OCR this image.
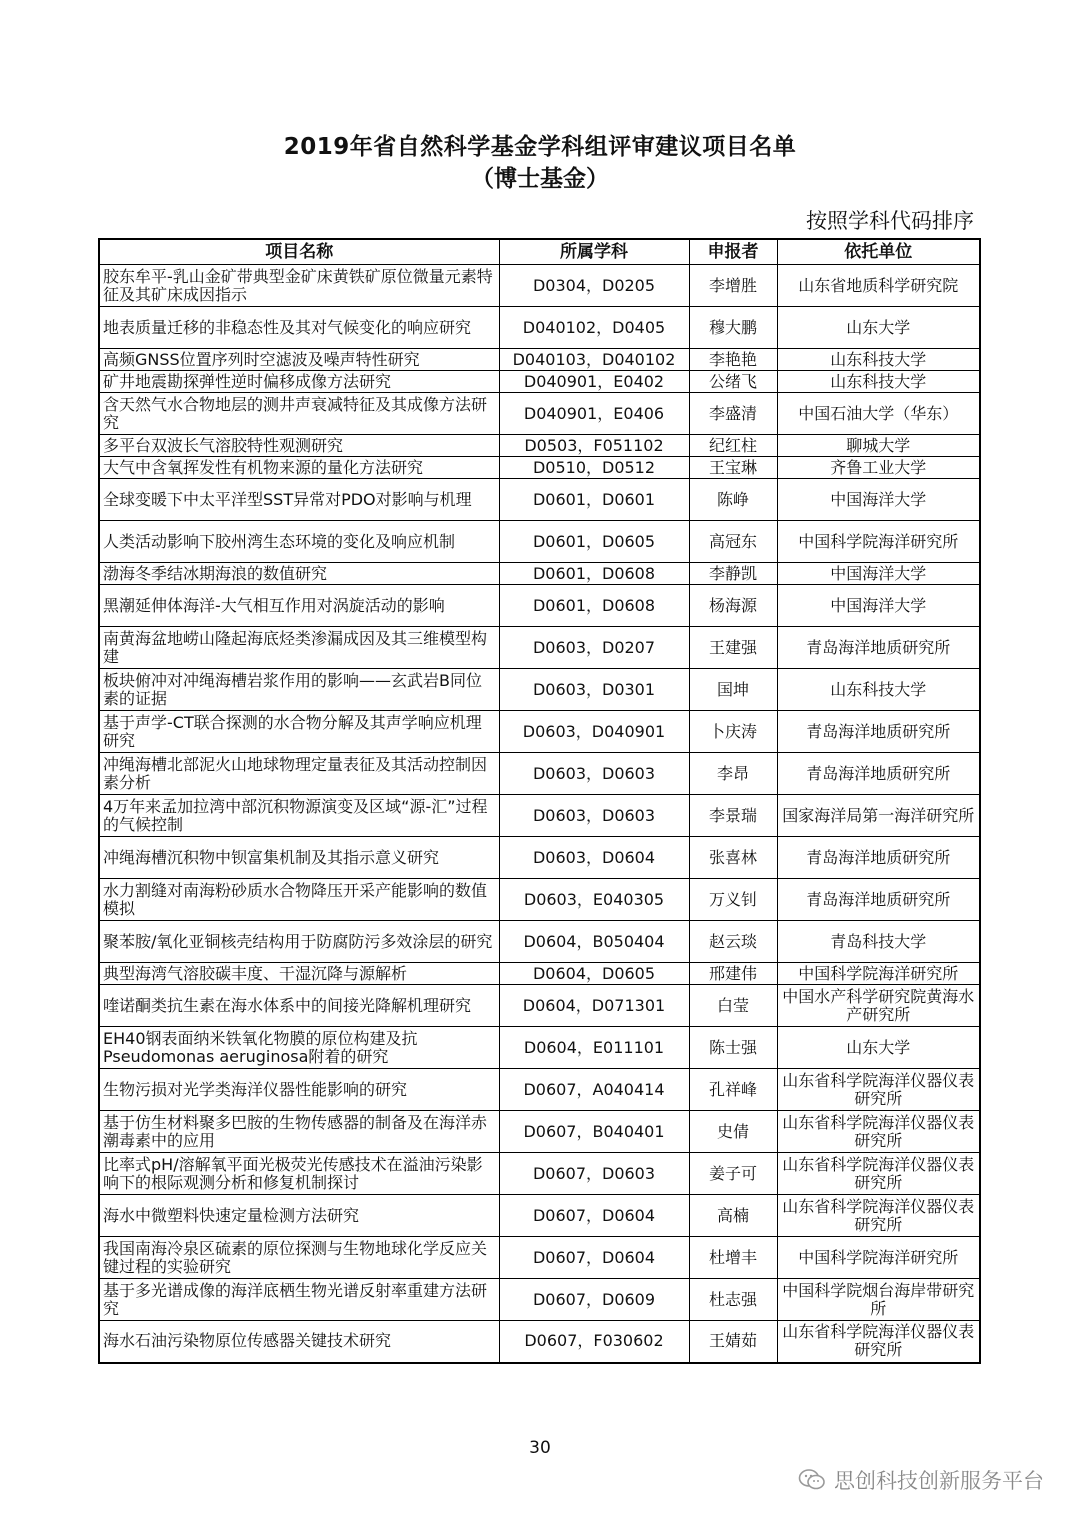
2019年省自然科学基金学科组评审建议项目名单
（博士基金）
按照学科代码排序
项目名称	所属学科	申报者	依托单位
胶东牟平-乳山金矿带典型金矿床黄铁矿原位微量元素特征及其矿床成因指示	D0304，D0205	李增胜	山东省地质科学研究院
地表质量迁移的非稳态性及其对气候变化的响应研究	D040102，D0405	穆大鹏	山东大学
高频GNSS位置序列时空滤波及噪声特性研究	D040103，D040102	李艳艳	山东科技大学
矿井地震勘探弹性逆时偏移成像方法研究	D040901，E0402	公绪飞	山东科技大学
含天然气水合物地层的测井声衰减特征及其成像方法研究	D040901，E0406	李盛清	中国石油大学（华东）
多平台双波长气溶胶特性观测研究	D0503，F051102	纪红柱	聊城大学
大气中含氧挥发性有机物来源的量化方法研究	D0510，D0512	王宝琳	齐鲁工业大学
全球变暖下中太平洋型SST异常对PDO对影响与机理	D0601，D0601	陈峥	中国海洋大学
人类活动影响下胶州湾生态环境的变化及响应机制	D0601，D0605	高冠东	中国科学院海洋研究所
渤海冬季结冰期海浪的数值研究	D0601，D0608	李静凯	中国海洋大学
黑潮延伸体海洋-大气相互作用对涡旋活动的影响	D0601，D0608	杨海源	中国海洋大学
南黄海盆地崂山隆起海底烃类渗漏成因及其三维模型构建	D0603，D0207	王建强	青岛海洋地质研究所
板块俯冲对冲绳海槽岩浆作用的影响——玄武岩B同位素的证据	D0603，D0301	国坤	山东科技大学
基于声学-CT联合探测的水合物分解及其声学响应机理研究	D0603，D040901	卜庆涛	青岛海洋地质研究所
冲绳海槽北部泥火山地球物理定量表征及其活动控制因素分析	D0603，D0603	李昂	青岛海洋地质研究所
4万年来孟加拉湾中部沉积物源演变及区域“源-汇”过程的气候控制	D0603，D0603	李景瑞	国家海洋局第一海洋研究所
冲绳海槽沉积物中钡富集机制及其指示意义研究	D0603，D0604	张喜林	青岛海洋地质研究所
水力割缝对南海粉砂质水合物降压开采产能影响的数值模拟	D0603，E040305	万义钊	青岛海洋地质研究所
聚苯胺/氧化亚铜核壳结构用于防腐防污多效涂层的研究	D0604，B050404	赵云琰	青岛科技大学
典型海湾气溶胶碳丰度、干湿沉降与源解析	D0604，D0605	邢建伟	中国科学院海洋研究所
喹诺酮类抗生素在海水体系中的间接光降解机理研究	D0604，D071301	白莹	中国水产科学研究院黄海水产研究所
EH40钢表面纳米铁氧化物膜的原位构建及抗Pseudomonas aeruginosa附着的研究	D0604，E011101	陈士强	山东大学
生物污损对光学类海洋仪器性能影响的研究	D0607，A040414	孔祥峰	山东省科学院海洋仪器仪表研究所
基于仿生材料聚多巴胺的生物传感器的制备及在海洋赤潮毒素中的应用	D0607，B040401	史倩	山东省科学院海洋仪器仪表研究所
比率式pH/溶解氧平面光极荧光传感技术在溢油污染影响下的根际观测分析和修复机制探讨	D0607，D0603	姜子可	山东省科学院海洋仪器仪表研究所
海水中微塑料快速定量检测方法研究	D0607，D0604	高楠	山东省科学院海洋仪器仪表研究所
我国南海冷泉区硫素的原位探测与生物地球化学反应关键过程的实验研究	D0607，D0604	杜增丰	中国科学院海洋研究所
基于多光谱成像的海洋底栖生物光谱反射率重建方法研究	D0607，D0609	杜志强	中国科学院烟台海岸带研究所
海水石油污染物原位传感器关键技术研究	D0607，F030602	王婧茹	山东省科学院海洋仪器仪表研究所
30
思创科技创新服务平台
